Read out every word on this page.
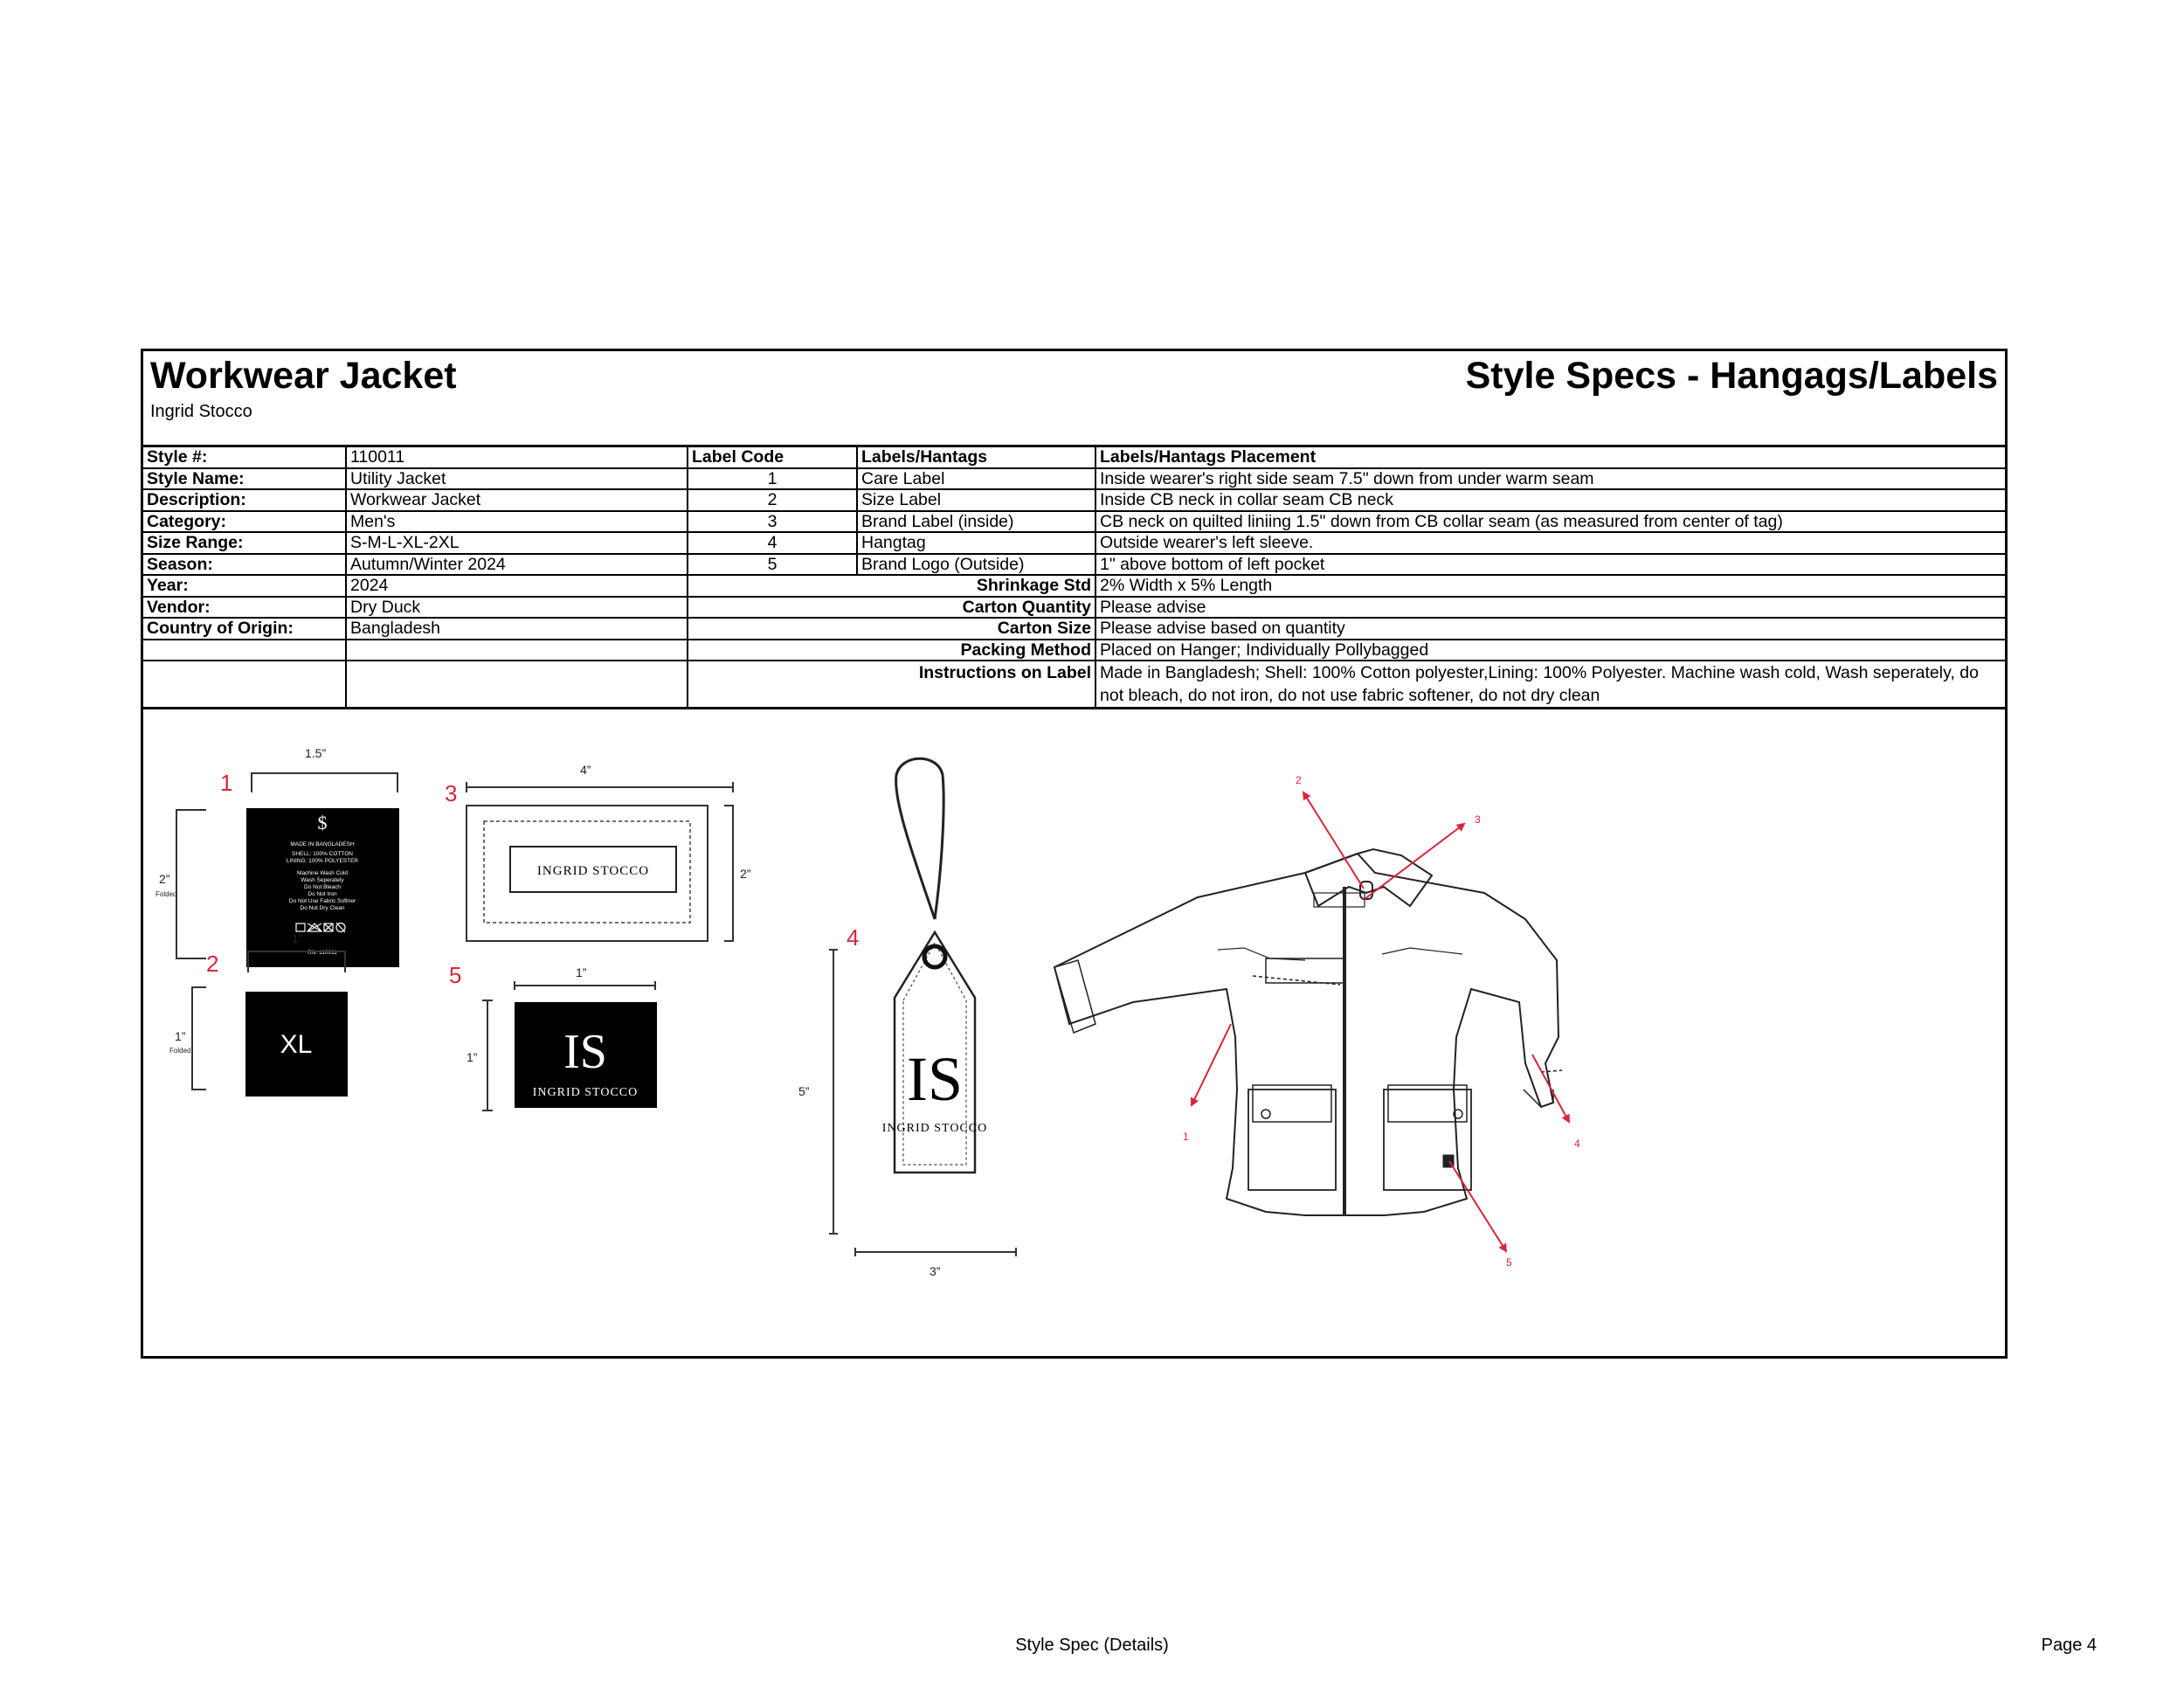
Workwear Jacket
Ingrid Stocco
Style Specs - Hangags/Labels
Style #:	110011	Label Code	Labels/Hantags	Labels/Hantags Placement
Style Name:	Utility Jacket	1	Care Label	Inside wearer's right side seam 7.5" down from under warm seam
Description:	Workwear Jacket	2	Size Label	Inside CB neck in collar seam CB neck
Category:	Men's	3	Brand Label (inside)	CB neck on quilted liniing 1.5" down from CB collar seam (as measured from center of tag)
Size Range:	S-M-L-XL-2XL	4	Hangtag	Outside wearer's left sleeve.
Season:	Autumn/Winter 2024	5	Brand Logo (Outside)	1" above bottom of left pocket
Year:	2024	Shrinkage Std		2% Width x 5% Length
Vendor:	Dry Duck	Carton Quantity		Please advise
Country of Origin:	Bangladesh	Carton Size		Please advise based on quantity
		Packing Method		Placed on Hanger; Individually Pollybagged
		Instructions on Label		Made in Bangladesh; Shell: 100% Cotton polyester,Lining: 100% Polyester. Machine wash cold, Wash seperately, do not bleach, do not iron, do not use fabric softener, do not dry clean
1
1.5”
2”
Folded
$
MADE IN BANGLADESH
SHELL: 100% COTTON
LINING: 100% POLYESTER
Machine Wash Cold
Wash Seperately
Do Not Bleach
Do Not Iron
Do Not Use Fabric Softner
Do Not Dry Clean
RN: 110011
2
1”
1”
Folded	XL
3
4”
INGRID STOCCO	2”
5	1”
1” IS
INGRID STOCCO
4
IS
INGRID STOCCO
5”
3”
1
2
3
4
5
Style Spec (Details)	Page 4
